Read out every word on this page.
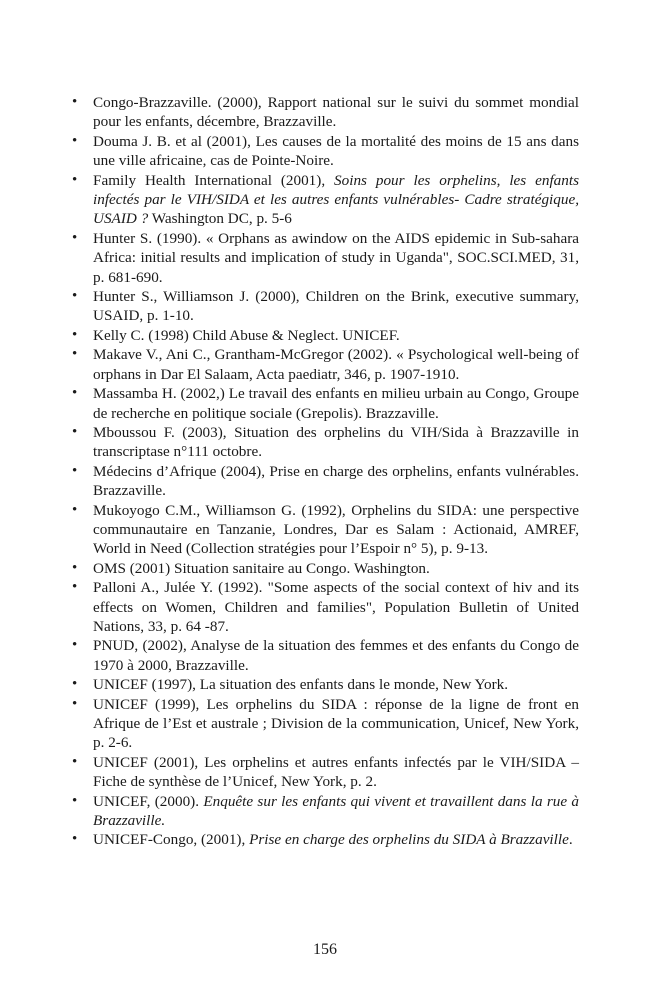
• Congo-Brazzaville. (2000), Rapport national sur le suivi du sommet mondial pour les enfants, décembre, Brazzaville.
• Douma J. B. et al (2001), Les causes de la mortalité des moins de 15 ans dans une ville africaine, cas de Pointe-Noire.
• Family Health International (2001), Soins pour les orphelins, les enfants infectés par le VIH/SIDA et les autres enfants vulnérables- Cadre stratégique, USAID ? Washington DC, p. 5-6
• Hunter S. (1990). « Orphans as awindow on the AIDS epidemic in Sub-sahara Africa: initial results and implication of study in Uganda", SOC.SCI.MED, 31, p. 681-690.
• Hunter S., Williamson J. (2000), Children on the Brink, executive summary, USAID, p. 1-10.
• Kelly C. (1998) Child Abuse & Neglect. UNICEF.
• Makave V., Ani C., Grantham-McGregor (2002). « Psychological well-being of orphans in Dar El Salaam, Acta paediatr, 346, p. 1907-1910.
• Massamba H. (2002,) Le travail des enfants en milieu urbain au Congo, Groupe de recherche en politique sociale (Grepolis). Brazzaville.
• Mboussou F. (2003), Situation des orphelins du VIH/Sida à Brazzaville in transcriptase n°111 octobre.
• Médecins d’Afrique (2004), Prise en charge des orphelins, enfants vulnérables. Brazzaville.
• Mukoyogo C.M., Williamson G. (1992), Orphelins du SIDA: une perspective communautaire en Tanzanie, Londres, Dar es Salam : Actionaid, AMREF, World in Need (Collection stratégies pour l’Espoir n° 5), p. 9-13.
• OMS (2001) Situation sanitaire au Congo. Washington.
• Palloni A., Julée Y. (1992). "Some aspects of the social context of hiv and its effects on Women, Children and families", Population Bulletin of United Nations, 33, p. 64 -87.
• PNUD, (2002), Analyse de la situation des femmes et des enfants du Congo de 1970 à 2000, Brazzaville.
• UNICEF (1997), La situation des enfants dans le monde, New York.
• UNICEF (1999), Les orphelins du SIDA : réponse de la ligne de front en Afrique de l’Est et australe ; Division de la communication, Unicef, New York, p. 2-6.
• UNICEF (2001), Les orphelins et autres enfants infectés par le VIH/SIDA – Fiche de synthèse de l’Unicef, New York, p. 2.
• UNICEF, (2000). Enquête sur les enfants qui vivent et travaillent dans la rue à Brazzaville.
• UNICEF-Congo, (2001), Prise en charge des orphelins du SIDA à Brazzaville.
156
